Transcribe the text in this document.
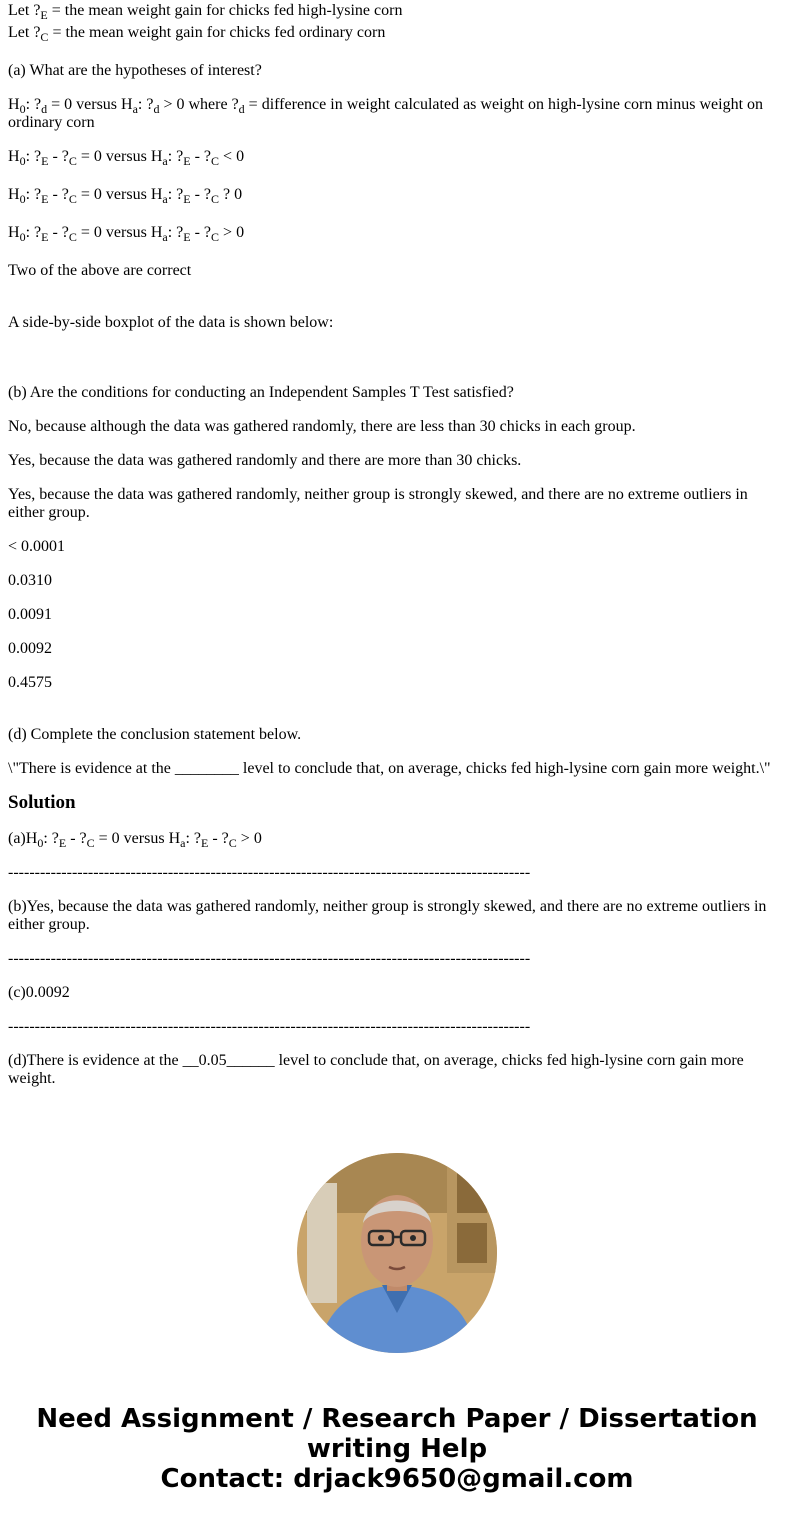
Let $?_E$ = the mean weight gain for chicks fed high-lysine corn

Let $?_C$ = the mean weight gain for chicks fed ordinary corn

(a) What are the hypotheses of interest?

$H_0$: $?_d = 0$ versus $H_a$: $?_d > 0$ where $?_d$ = difference in weight calculated as weight on high-lysine corn minus weight on ordinary corn

$H_0$: $?_E$ - $?_C = 0$ versus $H_a$: $?_E$ - $?_C < 0$

$H_0$: $?_E$ - $?_C = 0$ versus $H_a$: $?_E$ - $?_C$ ? 0

$H_0$: $?_E$ - $?_C = 0$ versus $H_a$: $?_E$ - $?_C > 0$

Two of the above are correct

A side-by-side boxplot of the data is shown below:

(b) Are the conditions for conducting an Independent Samples T Test satisfied?

No, because although the data was gathered randomly, there are less than 30 chicks in each group.

Yes, because the data was gathered randomly and there are more than 30 chicks.

Yes, because the data was gathered randomly, neither group is strongly skewed, and there are no extreme outliers in either group.

< 0.0001

0.0310

0.0091

0.0092

0.4575

(d) Complete the conclusion statement below.

\"There is evidence at the ________ level to conclude that, on average, chicks fed high-lysine corn gain more weight.\"

Solution

$(a)H_0$: $?_E$ - $?_C = 0$ versus $H_a$: $?_E$ - $?_C > 0$

--------------------------------------------------------------------------------------------------

(b)Yes, because the data was gathered randomly, neither group is strongly skewed, and there are no extreme outliers in either group.

--------------------------------------------------------------------------------------------------

(c)0.0092

--------------------------------------------------------------------------------------------------

(d)There is evidence at the __0.05______ level to conclude that, on average, chicks fed high-lysine corn gain more weight.

Need Assignment / Research Paper / Dissertation
writing Help
Contact: drjack9650@gmail.com
